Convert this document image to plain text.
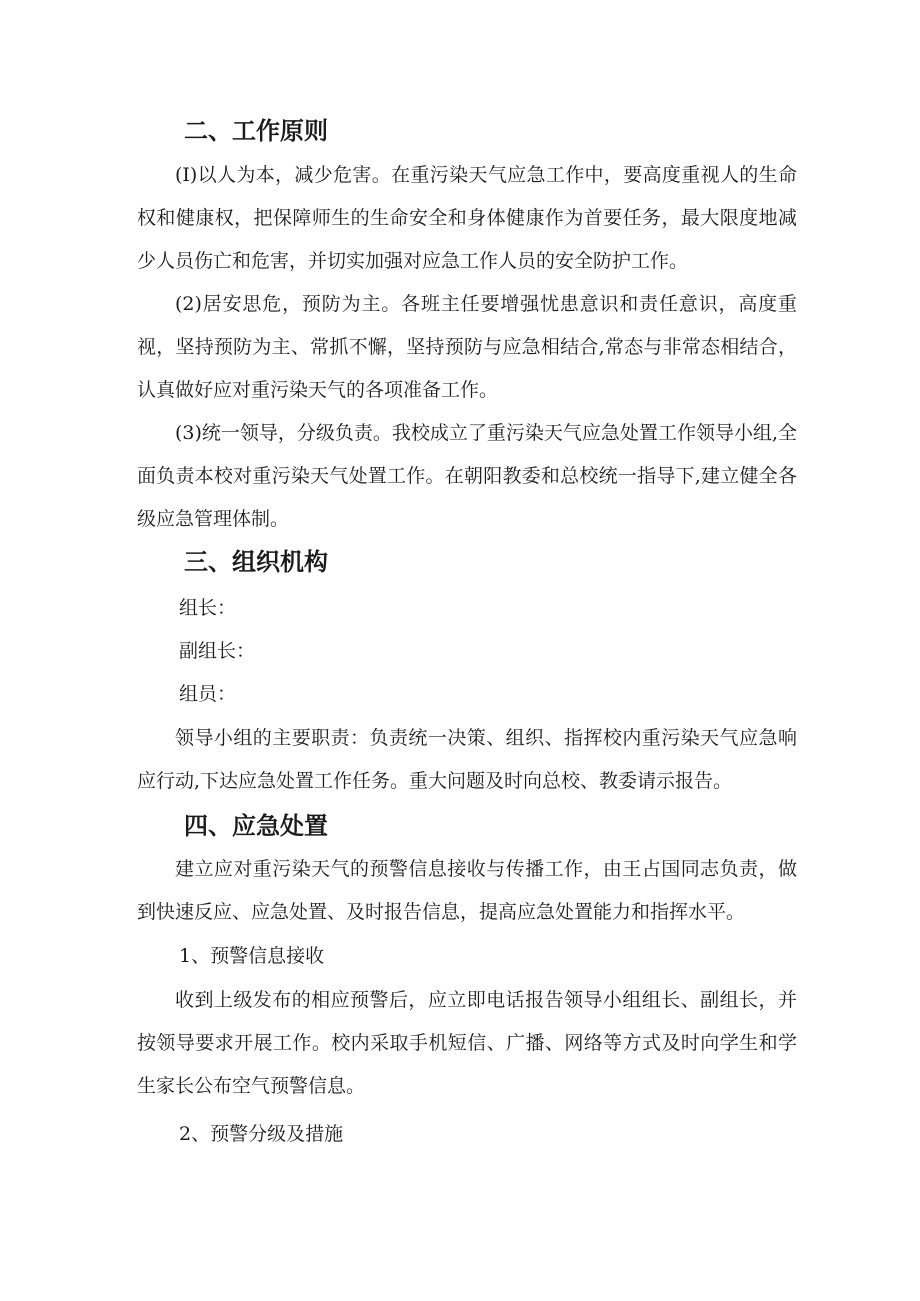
二、工作原则

(I)以人为本，减少危害。在重污染天气应急工作中，要高度重视人的生命权和健康权，把保障师生的生命安全和身体健康作为首要任务，最大限度地减少人员伤亡和危害，并切实加强对应急工作人员的安全防护工作。

(2)居安思危，预防为主。各班主任要增强忧患意识和责任意识，高度重视，坚持预防为主、常抓不懈，坚持预防与应急相结合,常态与非常态相结合，认真做好应对重污染天气的各项准备工作。

(3)统一领导，分级负责。我校成立了重污染天气应急处置工作领导小组,全面负责本校对重污染天气处置工作。在朝阳教委和总校统一指导下,建立健全各级应急管理体制。

三、组织机构

组长：

副组长：

组员：

领导小组的主要职责：负责统一决策、组织、指挥校内重污染天气应急响应行动,下达应急处置工作任务。重大问题及时向总校、教委请示报告。

四、应急处置

建立应对重污染天气的预警信息接收与传播工作，由王占国同志负责，做到快速反应、应急处置、及时报告信息，提高应急处置能力和指挥水平。

1、预警信息接收

收到上级发布的相应预警后，应立即电话报告领导小组组长、副组长，并按领导要求开展工作。校内采取手机短信、广播、网络等方式及时向学生和学生家长公布空气预警信息。

2、预警分级及措施
